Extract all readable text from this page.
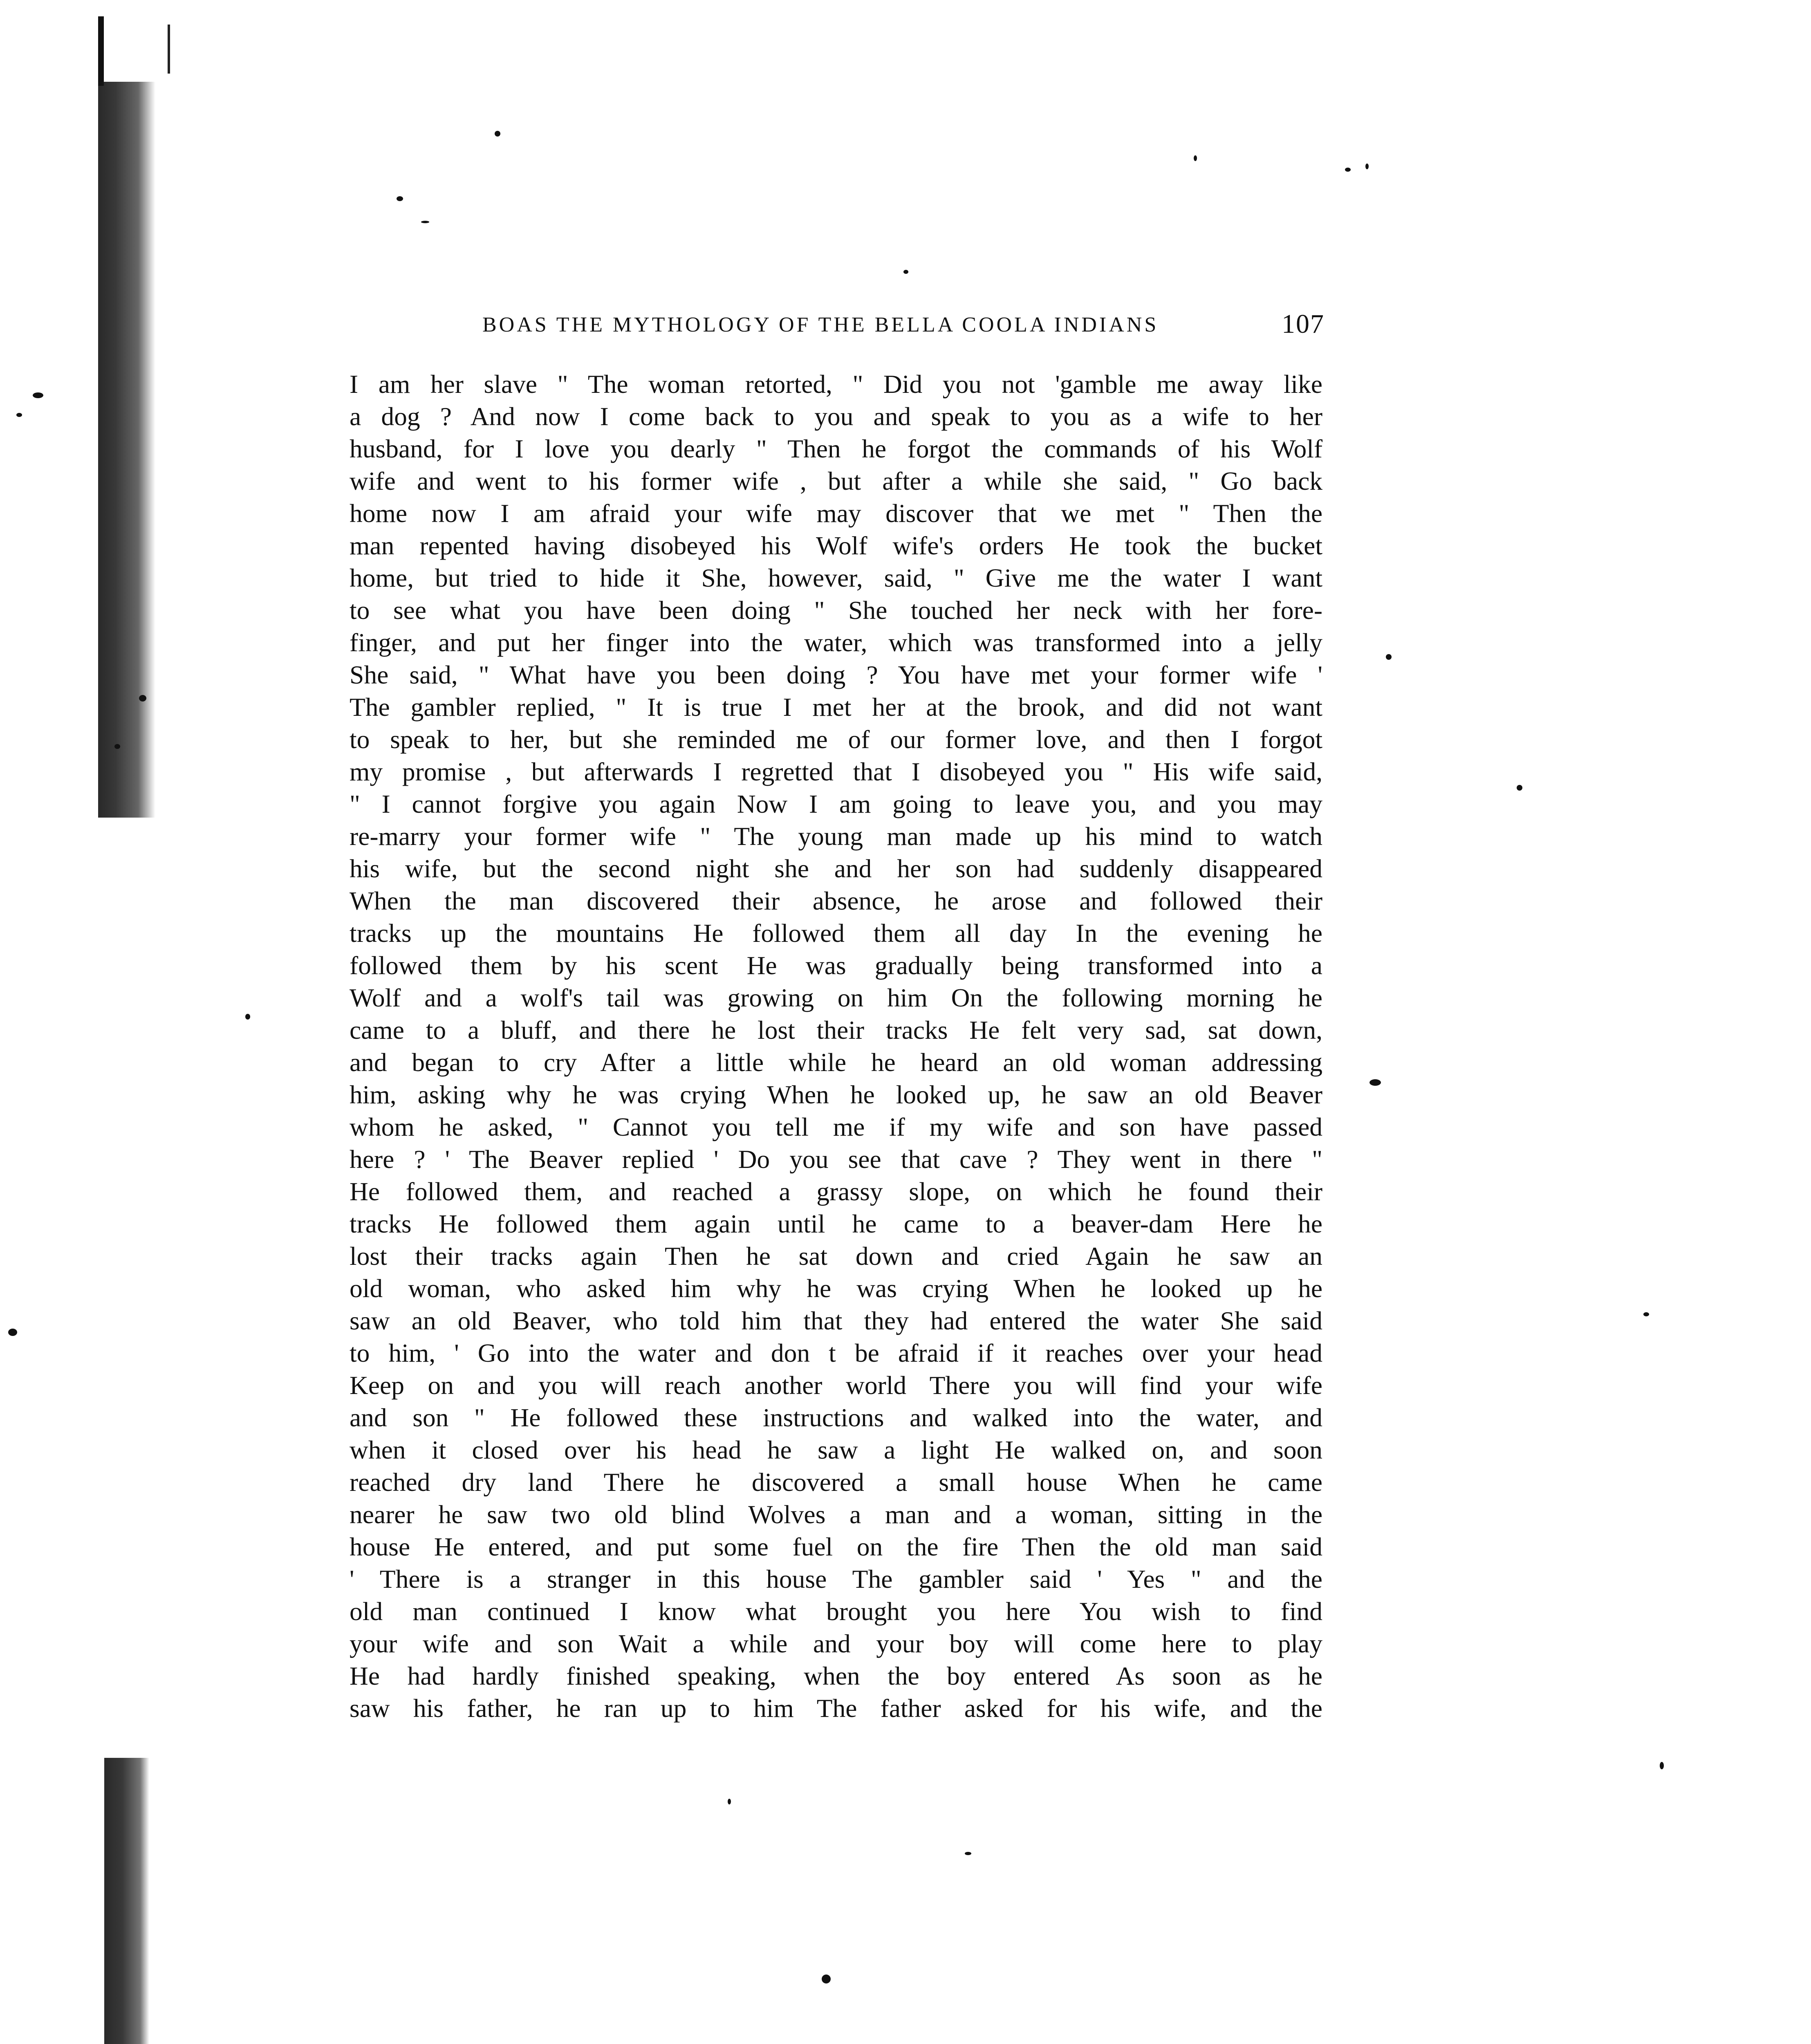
BOAS THE MYTHOLOGY OF THE BELLA COOLA INDIANS	107
I am her slave " The woman retorted, " Did you not 'gamble me away like
a dog ? And now I come back to you and speak to you as a wife to her
husband, for I love you dearly " Then he forgot the commands of his Wolf
wife and went to his former wife , but after a while she said, " Go back
home now I am afraid your wife may discover that we met " Then the
man repented having disobeyed his Wolf wife's orders He took the bucket
home, but tried to hide it She, however, said, " Give me the water I want
to see what you have been doing " She touched her neck with her fore-
finger, and put her finger into the water, which was transformed into a jelly
She said, " What have you been doing ? You have met your former wife '
The gambler replied, " It is true I met her at the brook, and did not want
to speak to her, but she reminded me of our former love, and then I forgot
my promise , but afterwards I regretted that I disobeyed you " His wife said,
" I cannot forgive you again Now I am going to leave you, and you may
re-marry your former wife " The young man made up his mind to watch
his wife, but the second night she and her son had suddenly disappeared
When the man discovered their absence, he arose and followed their
tracks up the mountains He followed them all day In the evening he
followed them by his scent He was gradually being transformed into a
Wolf and a wolf's tail was growing on him On the following morning he
came to a bluff, and there he lost their tracks He felt very sad, sat down,
and began to cry After a little while he heard an old woman addressing
him, asking why he was crying When he looked up, he saw an old Beaver
whom he asked, " Cannot you tell me if my wife and son have passed
here ? ' The Beaver replied ' Do you see that cave ? They went in there "
He followed them, and reached a grassy slope, on which he found their
tracks He followed them again until he came to a beaver-dam Here he
lost their tracks again Then he sat down and cried Again he saw an
old woman, who asked him why he was crying When he looked up he
saw an old Beaver, who told him that they had entered the water She said
to him, ' Go into the water and don t be afraid if it reaches over your head
Keep on and you will reach another world There you will find your wife
and son " He followed these instructions and walked into the water, and
when it closed over his head he saw a light He walked on, and soon
reached dry land There he discovered a small house When he came
nearer he saw two old blind Wolves a man and a woman, sitting in the
house He entered, and put some fuel on the fire Then the old man said
' There is a stranger in this house The gambler said ' Yes " and the
old man continued I know what brought you here You wish to find
your wife and son Wait a while and your boy will come here to play
He had hardly finished speaking, when the boy entered As soon as he
saw his father, he ran up to him The father asked for his wife, and the
